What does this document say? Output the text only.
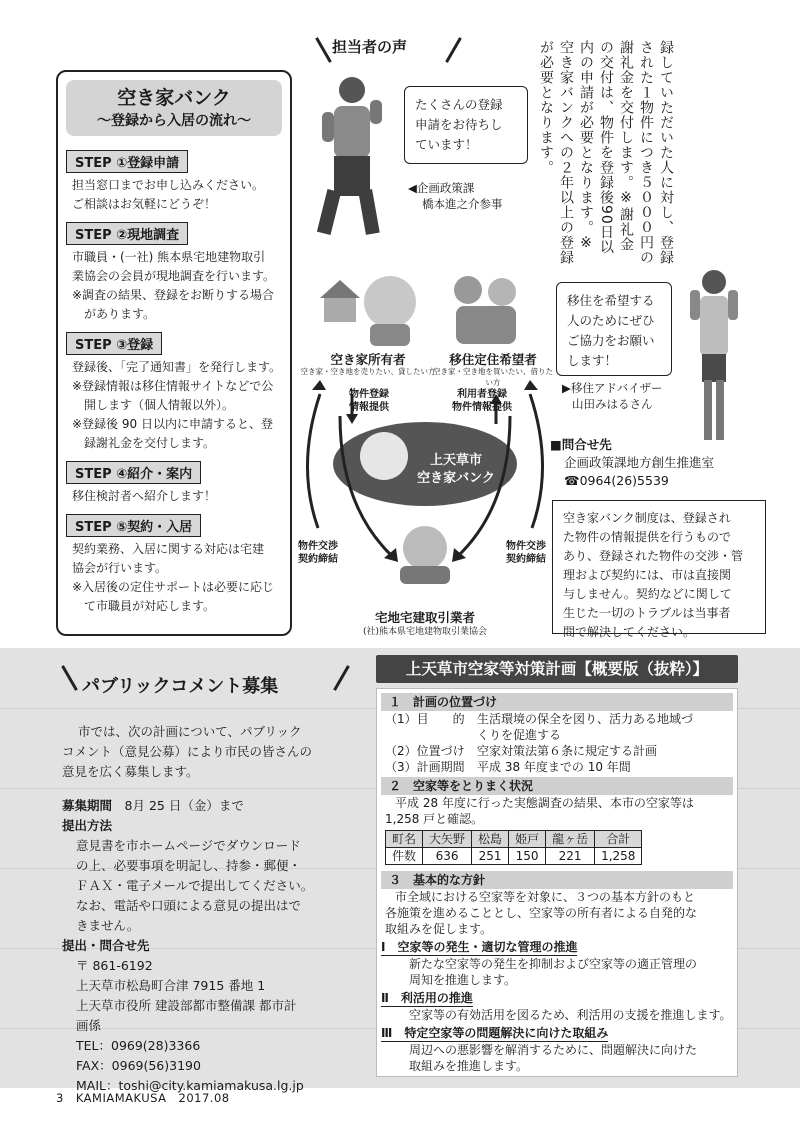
空き家バンク
～登録から入居の流れ～
STEP ①登録申請
担当窓口までお申し込みください。
ご相談はお気軽にどうぞ！
STEP ②現地調査
市職員・(一社) 熊本県宅地建物取引
業協会の会員が現地調査を行います。
※調査の結果、登録をお断りする場合があります。
STEP ③登録
登録後、「完了通知書」を発行します。
※登録情報は移住情報サイトなどで公開します（個人情報以外）。
※登録後 90 日以内に申請すると、登録謝礼金を交付します。
STEP ④紹介・案内
移住検討者へ紹介します！
STEP ⑤契約・入居
契約業務、入居に関する対応は宅建
協会が行います。
※入居後の定住サポートは必要に応じて市職員が対応します。
担当者の声
たくさんの登録
申請をお待ちし
ています！
◀企画政策課
橋本進之介参事	録していただいた人に対し、登録された１物件につき５０００円の謝礼金を交付します。※謝礼金の交付は、物件を登録後90日以内の申請が必要となります。※空き家バンクへの２年以上の登録が必要となります。
移住を希望する
人のためにぜひ
ご協力をお願い
します！
▶移住アドバイザー
山田みはるさん
■問合せ先
企画政策課地方創生推進室
☎0964(26)5539
空き家バンク制度は、登録され
た物件の情報提供を行うもので
あり、登録された物件の交渉・管
理および契約には、市は直接関
与しません。契約などに関して
生じた一切のトラブルは当事者
間で解決してください。
空き家所有者
空き家・空き地を売りたい、貸したい方
移住定住希望者
空き家・空き地を買いたい、借りたい方
物件登録
情報提供
利用者登録
物件情報提供
上天草市
空き家バンク
物件交渉
契約締結
物件交渉
契約締結
宅地宅建取引業者
(社)熊本県宅地建物取引業協会
パブリックコメント募集
市では、次の計画について、パブリック
コメント（意見公募）により市民の皆さんの
意見を広く募集します。
募集期間　 8月 25 日（金）まで
提出方法
意見書を市ホームページでダウンロード
の上、必要事項を明記し、持参・郵便・
ＦＡＸ・電子メールで提出してください。
なお、電話や口頭による意見の提出はで
きません。
提出・問合せ先
〒 861-6192
上天草市松島町合津 7915 番地 1
上天草市役所 建設部都市整備課 都市計
画係
TEL：0969(28)3366
FAX：0969(56)3190
MAIL：toshi@city.kamiamakusa.lg.jp
上天草市空家等対策計画【概要版（抜粋）】
１　計画の位置づけ
（1）目　　的	生活環境の保全を図り、活力ある地域づ
くりを促進する
（2）位置づけ	空家対策法第６条に規定する計画
（3）計画期間	平成 38 年度までの 10 年間
２　空家等をとりまく状況
平成 28 年度に行った実態調査の結果、本市の空家等は
1,258 戸と確認。
町名	大矢野	松島	姫戸	龍ヶ岳	合計
件数	636	251	150	221	1,258
３　基本的な方針
市全域における空家等を対象に、３つの基本方針のもと
各施策を進めることとし、空家等の所有者による自発的な
取組みを促します。
Ⅰ　空家等の発生・適切な管理の推進
新たな空家等の発生を抑制および空家等の適正管理の
周知を推進します。
Ⅱ　利活用の推進
空家等の有効活用を図るため、利活用の支援を推進します。
Ⅲ　特定空家等の問題解決に向けた取組み
周辺への悪影響を解消するために、問題解決に向けた
取組みを推進します。
3　KAMIAMAKUSA　2017.08
